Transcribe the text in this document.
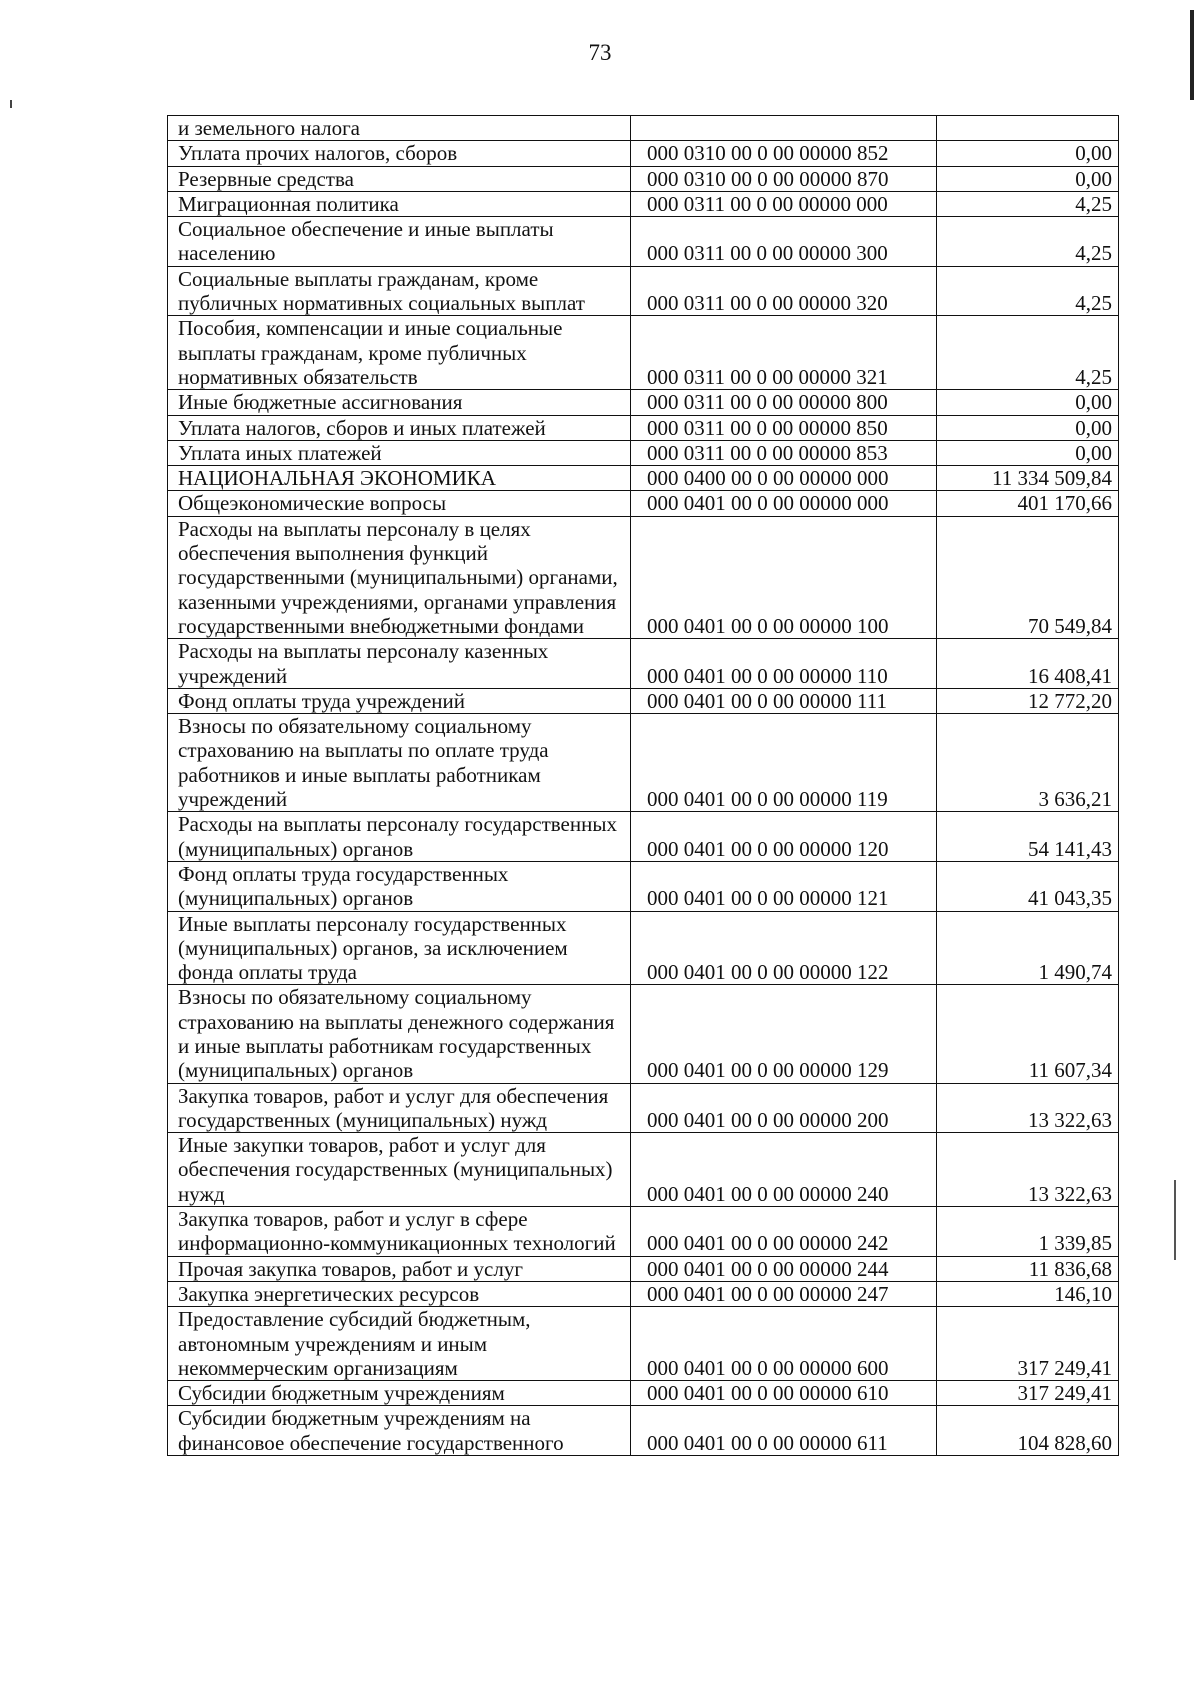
73
и земельного налога		
Уплата прочих налогов, сборов	000 0310 00 0 00 00000 852	0,00
Резервные средства	000 0310 00 0 00 00000 870	0,00
Миграционная политика	000 0311 00 0 00 00000 000	4,25
Социальное обеспечение и иные выплаты населению	000 0311 00 0 00 00000 300	4,25
Социальные выплаты гражданам, кроме публичных нормативных социальных выплат	000 0311 00 0 00 00000 320	4,25
Пособия, компенсации и иные социальные выплаты гражданам, кроме публичных нормативных обязательств	000 0311 00 0 00 00000 321	4,25
Иные бюджетные ассигнования	000 0311 00 0 00 00000 800	0,00
Уплата налогов, сборов и иных платежей	000 0311 00 0 00 00000 850	0,00
Уплата иных платежей	000 0311 00 0 00 00000 853	0,00
НАЦИОНАЛЬНАЯ ЭКОНОМИКА	000 0400 00 0 00 00000 000	11 334 509,84
Общеэкономические вопросы	000 0401 00 0 00 00000 000	401 170,66
Расходы на выплаты персоналу в целях обеспечения выполнения функций государственными (муниципальными) органами, казенными учреждениями, органами управления государственными внебюджетными фондами	000 0401 00 0 00 00000 100	70 549,84
Расходы на выплаты персоналу казенных учреждений	000 0401 00 0 00 00000 110	16 408,41
Фонд оплаты труда учреждений	000 0401 00 0 00 00000 111	12 772,20
Взносы по обязательному социальному страхованию на выплаты по оплате труда работников и иные выплаты работникам учреждений	000 0401 00 0 00 00000 119	3 636,21
Расходы на выплаты персоналу государственных (муниципальных) органов	000 0401 00 0 00 00000 120	54 141,43
Фонд оплаты труда государственных (муниципальных) органов	000 0401 00 0 00 00000 121	41 043,35
Иные выплаты персоналу государственных (муниципальных) органов, за исключением фонда оплаты труда	000 0401 00 0 00 00000 122	1 490,74
Взносы по обязательному социальному страхованию на выплаты денежного содержания и иные выплаты работникам государственных (муниципальных) органов	000 0401 00 0 00 00000 129	11 607,34
Закупка товаров, работ и услуг для обеспечения государственных (муниципальных) нужд	000 0401 00 0 00 00000 200	13 322,63
Иные закупки товаров, работ и услуг для обеспечения государственных (муниципальных) нужд	000 0401 00 0 00 00000 240	13 322,63
Закупка товаров, работ и услуг в сфере информационно-коммуникационных технологий	000 0401 00 0 00 00000 242	1 339,85
Прочая закупка товаров, работ и услуг	000 0401 00 0 00 00000 244	11 836,68
Закупка энергетических ресурсов	000 0401 00 0 00 00000 247	146,10
Предоставление субсидий бюджетным, автономным учреждениям и иным некоммерческим организациям	000 0401 00 0 00 00000 600	317 249,41
Субсидии бюджетным учреждениям	000 0401 00 0 00 00000 610	317 249,41
Субсидии бюджетным учреждениям на финансовое обеспечение государственного	000 0401 00 0 00 00000 611	104 828,60
